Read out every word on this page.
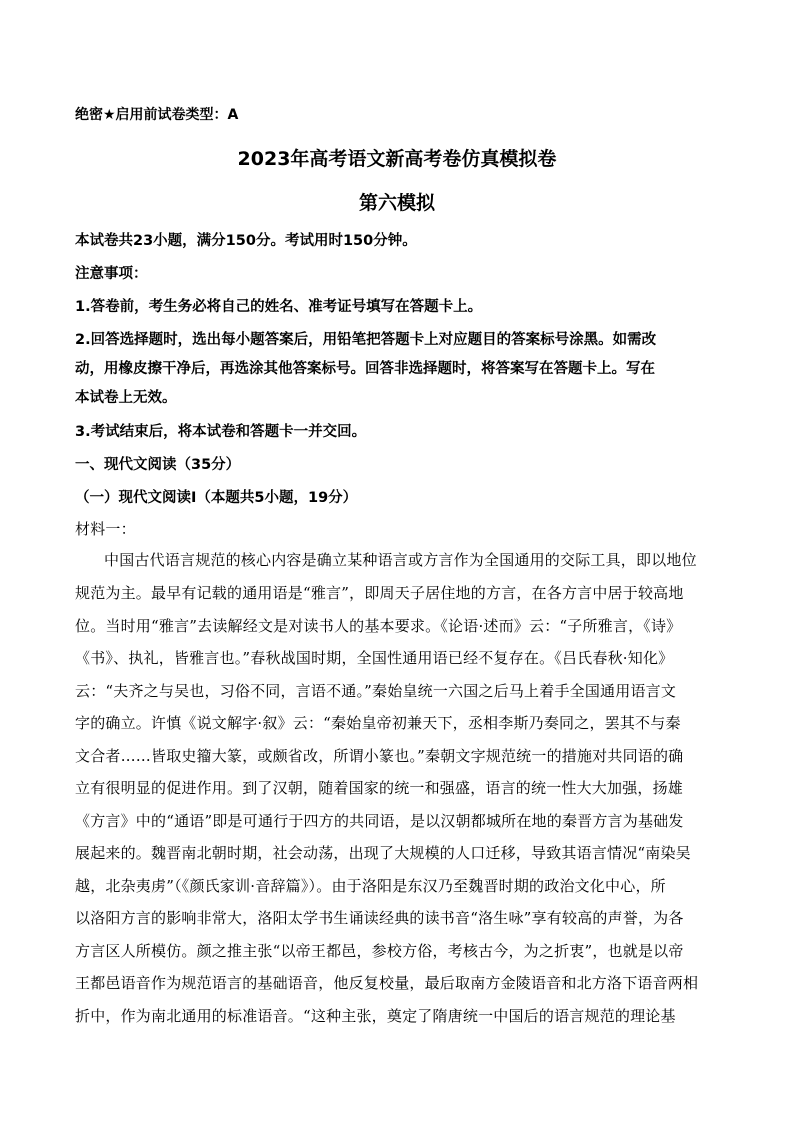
绝密★启用前试卷类型：A
2023年高考语文新高考卷仿真模拟卷
第六模拟
本试卷共23小题，满分150分。考试用时150分钟。
注意事项：
1.答卷前，考生务必将自己的姓名、准考证号填写在答题卡上。
2.回答选择题时，选出每小题答案后，用铅笔把答题卡上对应题目的答案标号涂黑。如需改
动，用橡皮擦干净后，再选涂其他答案标号。回答非选择题时，将答案写在答题卡上。写在
本试卷上无效。
3.考试结束后，将本试卷和答题卡一并交回。
一、现代文阅读（35分）
（一）现代文阅读Ⅰ（本题共5小题，19分）
材料一：
中国古代语言规范的核心内容是确立某种语言或方言作为全国通用的交际工具，即以地位
规范为主。最早有记载的通用语是“雅言”，即周天子居住地的方言，在各方言中居于较高地
位。当时用“雅言”去读解经文是对读书人的基本要求。《论语·述而》云：“子所雅言，《诗》
《书》、执礼，皆雅言也。”春秋战国时期，全国性通用语已经不复存在。《吕氏春秋·知化》
云：“夫齐之与吴也，习俗不同，言语不通。”秦始皇统一六国之后马上着手全国通用语言文
字的确立。许慎《说文解字·叙》云：“秦始皇帝初兼天下，丞相李斯乃奏同之，罢其不与秦
文合者……皆取史籀大篆，或颇省改，所谓小篆也。”秦朝文字规范统一的措施对共同语的确
立有很明显的促进作用。到了汉朝，随着国家的统一和强盛，语言的统一性大大加强，扬雄
《方言》中的“通语”即是可通行于四方的共同语，是以汉朝都城所在地的秦晋方言为基础发
展起来的。魏晋南北朝时期，社会动荡，出现了大规模的人口迁移，导致其语言情况“南染吴
越，北杂夷虏”（《颜氏家训·音辞篇》）。由于洛阳是东汉乃至魏晋时期的政治文化中心，所
以洛阳方言的影响非常大，洛阳太学书生诵读经典的读书音“洛生咏”享有较高的声誉，为各
方言区人所模仿。颜之推主张“以帝王都邑，参校方俗，考核古今，为之折衷”，也就是以帝
王都邑语音作为规范语言的基础语音，他反复校量，最后取南方金陵语音和北方洛下语音两相
折中，作为南北通用的标准语音。“这种主张，奠定了隋唐统一中国后的语言规范的理论基
